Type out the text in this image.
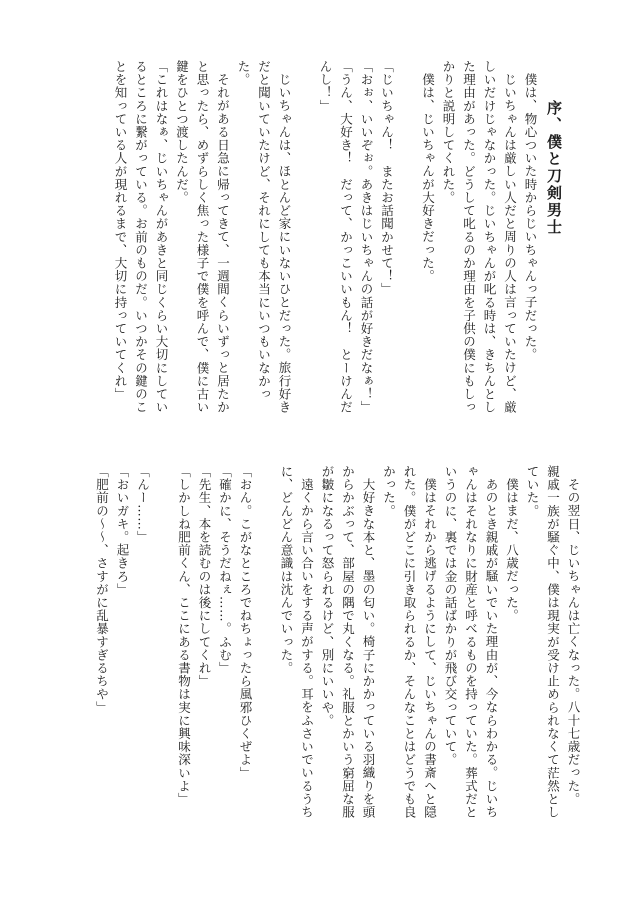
序、僕と刀剣男士

僕は、物心ついた時からじいちゃんっ子だった。

じいちゃんは厳しい人だと周りの人は言っていたけど、厳しいだけじゃなかった。じいちゃんが叱る時は、きちんとした理由があった。どうして叱るのか理由を子供の僕にもしっかりと説明してくれた。

僕は、じいちゃんが大好きだった。

「じいちゃん！　またお話聞かせて！」

「おぉ、いいぞぉ。あきはじいちゃんの話が好きだなぁ！」

「うん、大好き！　だって、かっこいいもん！　とーけんだんし！」

じいちゃんは、ほとんど家にいないひとだった。旅行好きだと聞いていたけど、それにしても本当にいつもいなかった。

それがある日急に帰ってきて、一週間くらいずっと居たかと思ったら、めずらしく焦った様子で僕を呼んで、僕に古い鍵をひとつ渡したんだ。

「これはなぁ、じいちゃんがあきと同じくらい大切にしているところに繋がっている。お前のものだ。いつかその鍵のことを知っている人が現れるまで、大切に持っていてくれ」

その翌日、じいちゃんは亡くなった。八十七歳だった。

親戚一族が騒ぐ中、僕は現実が受け止められなくて茫然としていた。

僕はまだ、八歳だった。

あのとき親戚が騒いでいた理由が、今ならわかる。じいちゃんはそれなりに財産と呼べるものを持っていた。葬式だというのに、裏では金の話ばかりが飛び交っていて。

僕はそれから逃げるようにして、じいちゃんの書斎へと隠れた。僕がどこに引き取られるか、そんなことはどうでも良かった。

大好きな本と、墨の匂い。椅子にかかっている羽織りを頭からかぶって、部屋の隅で丸くなる。礼服とかいう窮屈な服が皺になるって怒られるけど、別にいいや。

遠くから言い合いをする声がする。耳をふさいでいるうちに、どんどん意識は沈んでいった。

「おん。こがなところでねちょったら風邪ひくぜよ」

「確かに、そうだねぇ……。ふむ」

「先生、本を読むのは後にしてくれ」

「しかしね肥前くん、ここにある書物は実に興味深いよ」

「んー……」

「おいガキ。起きろ」

「肥前の～～、さすがに乱暴すぎるちや」
